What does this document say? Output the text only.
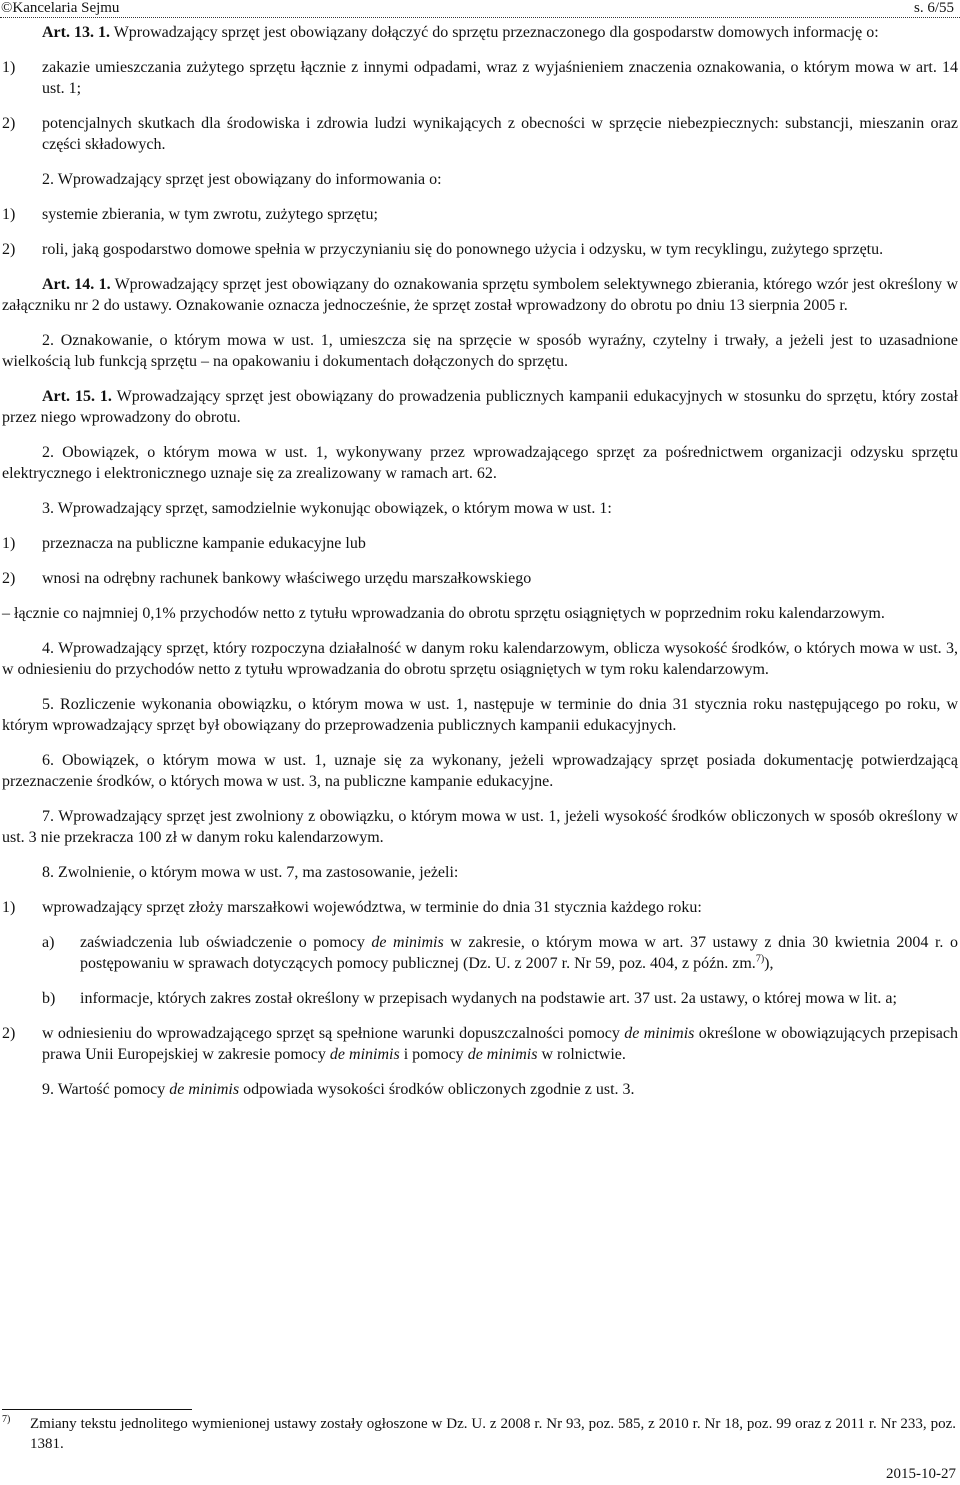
©Kancelaria Sejmu	s. 6/55

Art. 13. 1. Wprowadzający sprzęt jest obowiązany dołączyć do sprzętu przeznaczonego dla gospodarstw domowych informację o:

1) zakazie umieszczania zużytego sprzętu łącznie z innymi odpadami, wraz z wyjaśnieniem znaczenia oznakowania, o którym mowa w art. 14 ust. 1;
2) potencjalnych skutkach dla środowiska i zdrowia ludzi wynikających z obecności w sprzęcie niebezpiecznych: substancji, mieszanin oraz części składowych.

2. Wprowadzający sprzęt jest obowiązany do informowania o:

1) systemie zbierania, w tym zwrotu, zużytego sprzętu;
2) roli, jaką gospodarstwo domowe spełnia w przyczynianiu się do ponownego użycia i odzysku, w tym recyklingu, zużytego sprzętu.

Art. 14. 1. Wprowadzający sprzęt jest obowiązany do oznakowania sprzętu symbolem selektywnego zbierania, którego wzór jest określony w załączniku nr 2 do ustawy. Oznakowanie oznacza jednocześnie, że sprzęt został wprowadzony do obrotu po dniu 13 sierpnia 2005 r.

2. Oznakowanie, o którym mowa w ust. 1, umieszcza się na sprzęcie w sposób wyraźny, czytelny i trwały, a jeżeli jest to uzasadnione wielkością lub funkcją sprzętu – na opakowaniu i dokumentach dołączonych do sprzętu.

Art. 15. 1. Wprowadzający sprzęt jest obowiązany do prowadzenia publicznych kampanii edukacyjnych w stosunku do sprzętu, który został przez niego wprowadzony do obrotu.

2. Obowiązek, o którym mowa w ust. 1, wykonywany przez wprowadzającego sprzęt za pośrednictwem organizacji odzysku sprzętu elektrycznego i elektronicznego uznaje się za zrealizowany w ramach art. 62.

3. Wprowadzający sprzęt, samodzielnie wykonując obowiązek, o którym mowa w ust. 1:

1) przeznacza na publiczne kampanie edukacyjne lub
2) wnosi na odrębny rachunek bankowy właściwego urzędu marszałkowskiego

– łącznie co najmniej 0,1% przychodów netto z tytułu wprowadzania do obrotu sprzętu osiągniętych w poprzednim roku kalendarzowym.

4. Wprowadzający sprzęt, który rozpoczyna działalność w danym roku kalendarzowym, oblicza wysokość środków, o których mowa w ust. 3, w odniesieniu do przychodów netto z tytułu wprowadzania do obrotu sprzętu osiągniętych w tym roku kalendarzowym.

5. Rozliczenie wykonania obowiązku, o którym mowa w ust. 1, następuje w terminie do dnia 31 stycznia roku następującego po roku, w którym wprowadzający sprzęt był obowiązany do przeprowadzenia publicznych kampanii edukacyjnych.

6. Obowiązek, o którym mowa w ust. 1, uznaje się za wykonany, jeżeli wprowadzający sprzęt posiada dokumentację potwierdzającą przeznaczenie środków, o których mowa w ust. 3, na publiczne kampanie edukacyjne.

7. Wprowadzający sprzęt jest zwolniony z obowiązku, o którym mowa w ust. 1, jeżeli wysokość środków obliczonych w sposób określony w ust. 3 nie przekracza 100 zł w danym roku kalendarzowym.

8. Zwolnienie, o którym mowa w ust. 7, ma zastosowanie, jeżeli:

1) wprowadzający sprzęt złoży marszałkowi województwa, w terminie do dnia 31 stycznia każdego roku:
a) zaświadczenia lub oświadczenie o pomocy de minimis w zakresie, o którym mowa w art. 37 ustawy z dnia 30 kwietnia 2004 r. o postępowaniu w sprawach dotyczących pomocy publicznej (Dz. U. z 2007 r. Nr 59, poz. 404, z późn. zm.$^{7)}$),
b) informacje, których zakres został określony w przepisach wydanych na podstawie art. 37 ust. 2a ustawy, o której mowa w lit. a;
2) w odniesieniu do wprowadzającego sprzęt są spełnione warunki dopuszczalności pomocy de minimis określone w obowiązujących przepisach prawa Unii Europejskiej w zakresie pomocy de minimis i pomocy de minimis w rolnictwie.

9. Wartość pomocy de minimis odpowiada wysokości środków obliczonych zgodnie z ust. 3.

7)	Zmiany tekstu jednolitego wymienionej ustawy zostały ogłoszone w Dz. U. z 2008 r. Nr 93, poz. 585, z 2010 r. Nr 18, poz. 99 oraz z 2011 r. Nr 233, poz. 1381.
2015-10-27
